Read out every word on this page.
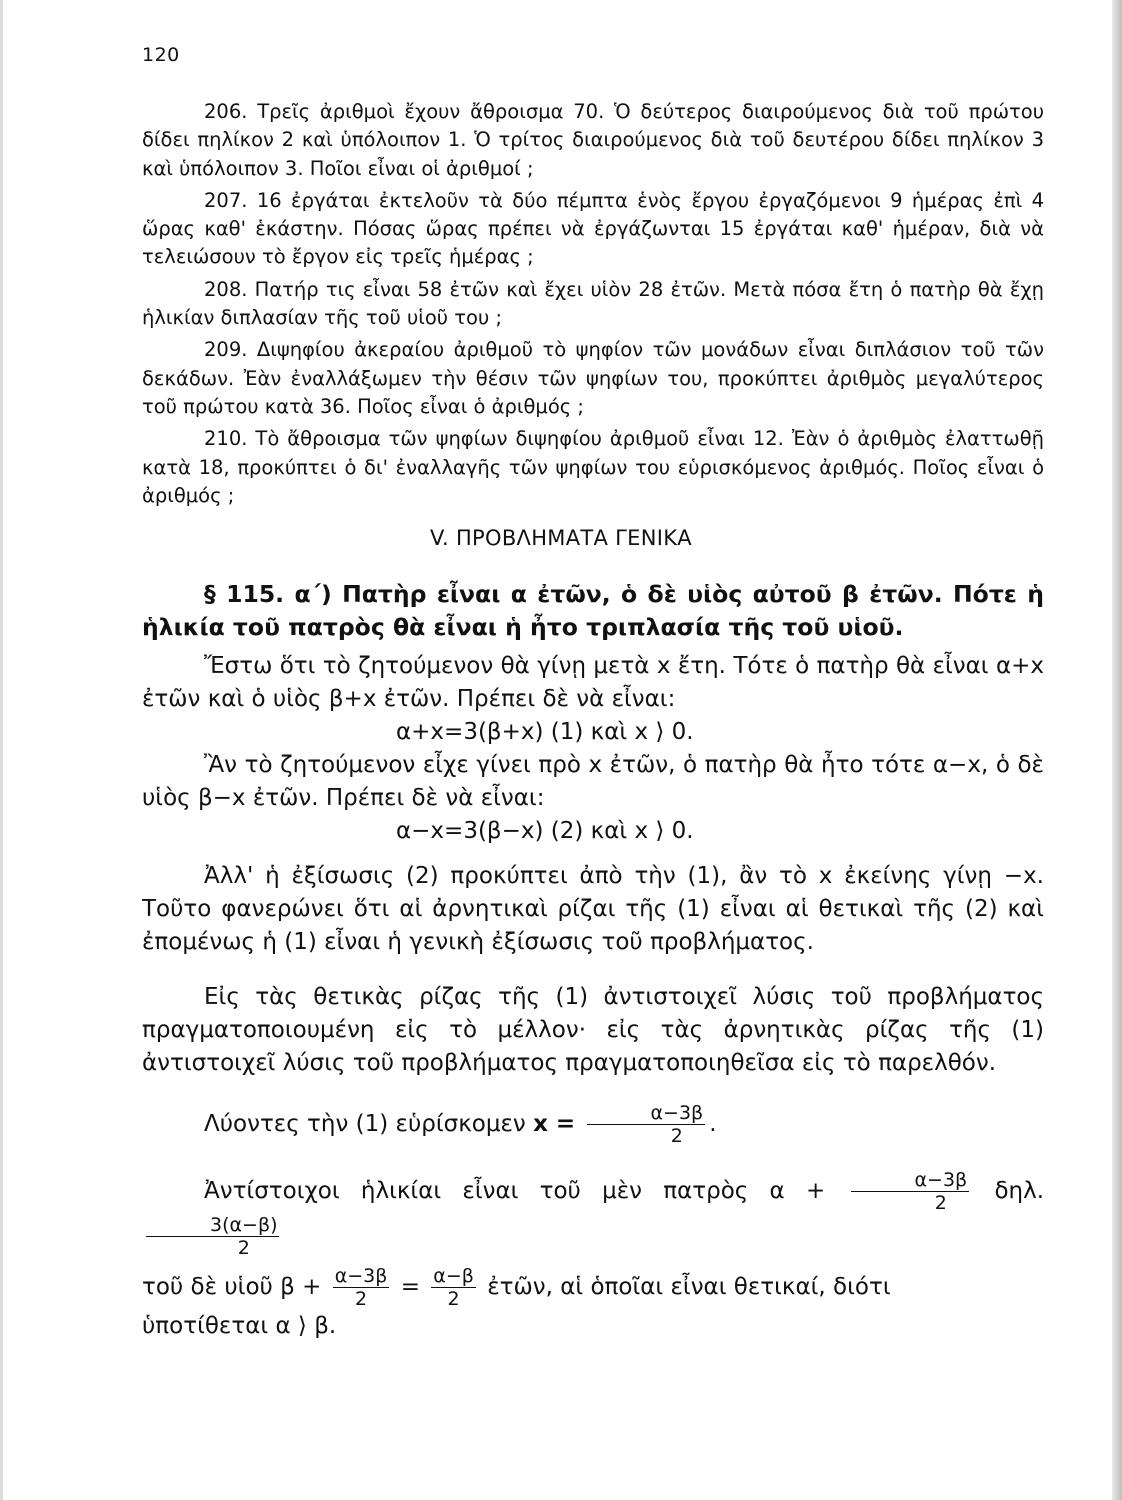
120

206. Τρεῖς ἀριθμοὶ ἔχουν ἄθροισμα 70. Ὁ δεύτερος διαιρούμενος διὰ τοῦ πρώτου δίδει πηλίκον 2 καὶ ὑπόλοιπον 1. Ὁ τρίτος διαιρούμενος διὰ τοῦ δευτέρου δίδει πηλίκον 3 καὶ ὑπόλοιπον 3. Ποῖοι εἶναι οἱ ἀριθμοί ;

207. 16 ἐργάται ἐκτελοῦν τὰ δύο πέμπτα ἑνὸς ἔργου ἐργαζόμενοι 9 ἡμέρας ἐπὶ 4 ὥρας καθ' ἑκάστην. Πόσας ὥρας πρέπει νὰ ἐργάζωνται 15 ἐργάται καθ' ἡμέραν, διὰ νὰ τελειώσουν τὸ ἔργον εἰς τρεῖς ἡμέρας ;

208. Πατήρ τις εἶναι 58 ἐτῶν καὶ ἔχει υἱὸν 28 ἐτῶν. Μετὰ πόσα ἔτη ὁ πατὴρ θὰ ἔχῃ ἡλικίαν διπλασίαν τῆς τοῦ υἱοῦ του ;

209. Διψηφίου ἀκεραίου ἀριθμοῦ τὸ ψηφίον τῶν μονάδων εἶναι διπλάσιον τοῦ τῶν δεκάδων. Ἐὰν ἐναλλάξωμεν τὴν θέσιν τῶν ψηφίων του, προκύπτει ἀριθμὸς μεγαλύτερος τοῦ πρώτου κατὰ 36. Ποῖος εἶναι ὁ ἀριθμός ;

210. Τὸ ἄθροισμα τῶν ψηφίων διψηφίου ἀριθμοῦ εἶναι 12. Ἐὰν ὁ ἀριθμὸς ἐλαττωθῇ κατὰ 18, προκύπτει ὁ δι' ἐναλλαγῆς τῶν ψηφίων του εὑρισκόμενος ἀριθμός. Ποῖος εἶναι ὁ ἀριθμός ;

V. ΠΡΟΒΛΗΜΑΤΑ ΓΕΝΙΚΑ

§ 115. α΄) Πατὴρ εἶναι α ἐτῶν, ὁ δὲ υἱὸς αὐτοῦ β ἐτῶν. Πότε ἡ ἡλικία τοῦ πατρὸς θὰ εἶναι ἡ ἦτο τριπλασία τῆς τοῦ υἱοῦ.

Ἔστω ὅτι τὸ ζητούμενον θὰ γίνῃ μετὰ x ἔτη. Τότε ὁ πατὴρ θὰ εἶναι α+x ἐτῶν καὶ ὁ υἱὸς β+x ἐτῶν. Πρέπει δὲ νὰ εἶναι:

α+x=3(β+x) (1) καὶ x ⟩ 0.

Ἂν τὸ ζητούμενον εἶχε γίνει πρὸ x ἐτῶν, ὁ πατὴρ θὰ ἦτο τότε α−x, ὁ δὲ υἱὸς β−x ἐτῶν. Πρέπει δὲ νὰ εἶναι:

α−x=3(β−x) (2) καὶ x ⟩ 0.

Ἀλλ' ἡ ἐξίσωσις (2) προκύπτει ἀπὸ τὴν (1), ἂν τὸ x ἐκείνης γίνῃ −x. Τοῦτο φανερώνει ὅτι αἱ ἀρνητικαὶ ρίζαι τῆς (1) εἶναι αἱ θετικαὶ τῆς (2) καὶ ἐπομένως ἡ (1) εἶναι ἡ γενικὴ ἐξίσωσις τοῦ προβλήματος.

Εἰς τὰς θετικὰς ρίζας τῆς (1) ἀντιστοιχεῖ λύσις τοῦ προβλήματος πραγματοποιουμένη εἰς τὸ μέλλον· εἰς τὰς ἀρνητικὰς ρίζας τῆς (1) ἀντιστοιχεῖ λύσις τοῦ προβλήματος πραγματοποιηθεῖσα εἰς τὸ παρελθόν.

Λύοντες τὴν (1) εὑρίσκομεν $x = \frac{\alpha-3\beta}{2}$ .

Ἀντίστοιχοι ἡλικίαι εἶναι τοῦ μὲν πατρὸς $\alpha + \frac{\alpha-3\beta}{2} \delta\eta\lambda$.
$\frac{3(\alpha-\beta)}{2}$

τοῦ δὲ υἱοῦ $\beta + \frac{\alpha-3\beta}{2} = \frac{\alpha-\beta}{2}$ ἐτῶν, αἱ ὁποῖαι εἶναι θετικαί, διότι

ὑποτίθεται α ⟩ β.
